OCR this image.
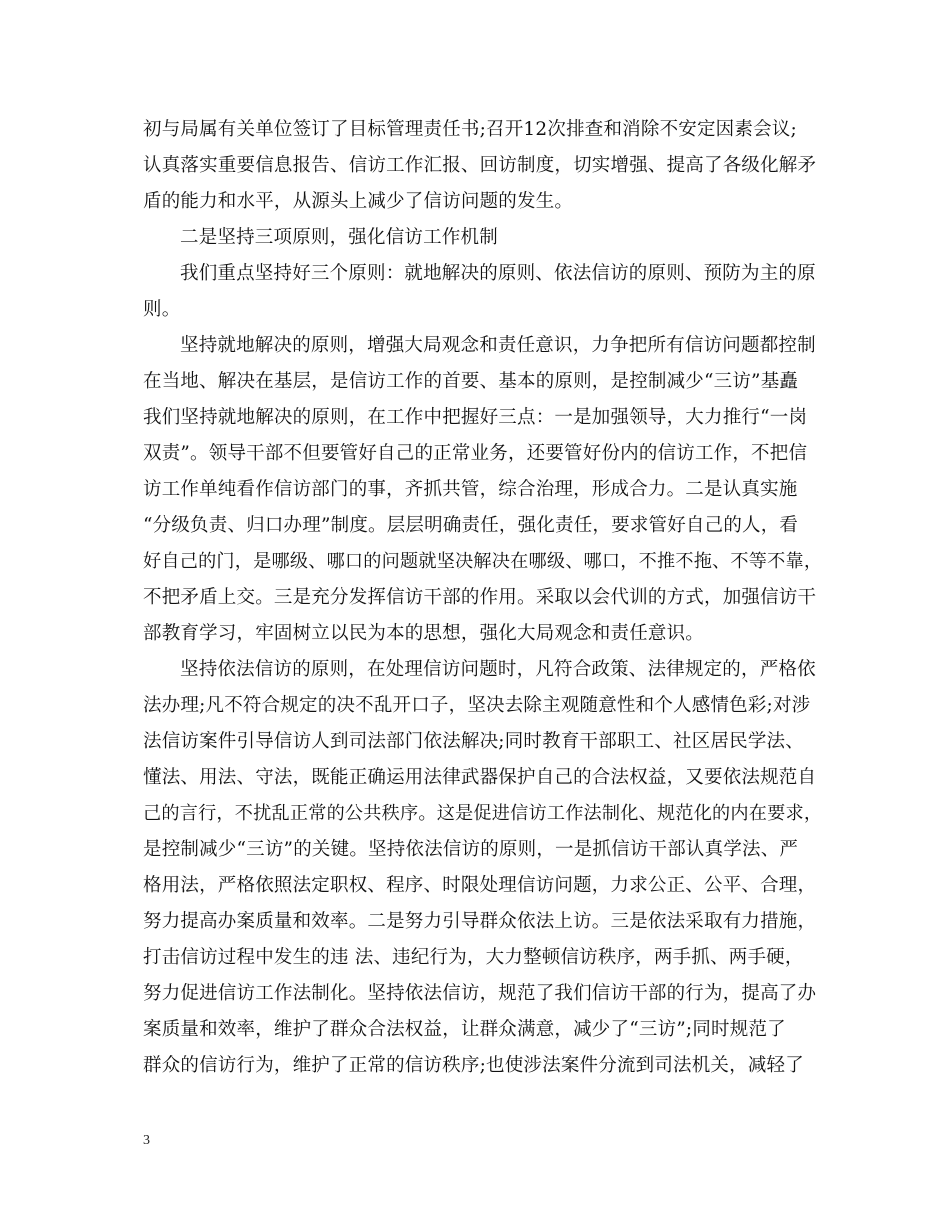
初与局属有关单位签订了目标管理责任书;召开12次排查和消除不安定因素会议;
认真落实重要信息报告、信访工作汇报、回访制度，切实增强、提高了各级化解矛
盾的能力和水平，从源头上减少了信访问题的发生。
二是坚持三项原则，强化信访工作机制
我们重点坚持好三个原则：就地解决的原则、依法信访的原则、预防为主的原
则。
坚持就地解决的原则，增强大局观念和责任意识，力争把所有信访问题都控制
在当地、解决在基层，是信访工作的首要、基本的原则，是控制减少“三访”基矗
我们坚持就地解决的原则，在工作中把握好三点：一是加强领导，大力推行“一岗
双责”。领导干部不但要管好自己的正常业务，还要管好份内的信访工作，不把信
访工作单纯看作信访部门的事，齐抓共管，综合治理，形成合力。二是认真实施
“分级负责、归口办理”制度。层层明确责任，强化责任，要求管好自己的人，看
好自己的门，是哪级、哪口的问题就坚决解决在哪级、哪口，不推不拖、不等不靠，
不把矛盾上交。三是充分发挥信访干部的作用。采取以会代训的方式，加强信访干
部教育学习，牢固树立以民为本的思想，强化大局观念和责任意识。
坚持依法信访的原则，在处理信访问题时，凡符合政策、法律规定的，严格依
法办理;凡不符合规定的决不乱开口子，坚决去除主观随意性和个人感情色彩;对涉
法信访案件引导信访人到司法部门依法解决;同时教育干部职工、社区居民学法、
懂法、用法、守法，既能正确运用法律武器保护自己的合法权益，又要依法规范自
己的言行，不扰乱正常的公共秩序。这是促进信访工作法制化、规范化的内在要求，
是控制减少“三访”的关键。坚持依法信访的原则，一是抓信访干部认真学法、严
格用法，严格依照法定职权、程序、时限处理信访问题，力求公正、公平、合理，
努力提高办案质量和效率。二是努力引导群众依法上访。三是依法采取有力措施，
打击信访过程中发生的违 法、违纪行为，大力整顿信访秩序，两手抓、两手硬，
努力促进信访工作法制化。坚持依法信访，规范了我们信访干部的行为，提高了办
案质量和效率，维护了群众合法权益，让群众满意，减少了“三访”;同时规范了
群众的信访行为，维护了正常的信访秩序;也使涉法案件分流到司法机关，减轻了
3
